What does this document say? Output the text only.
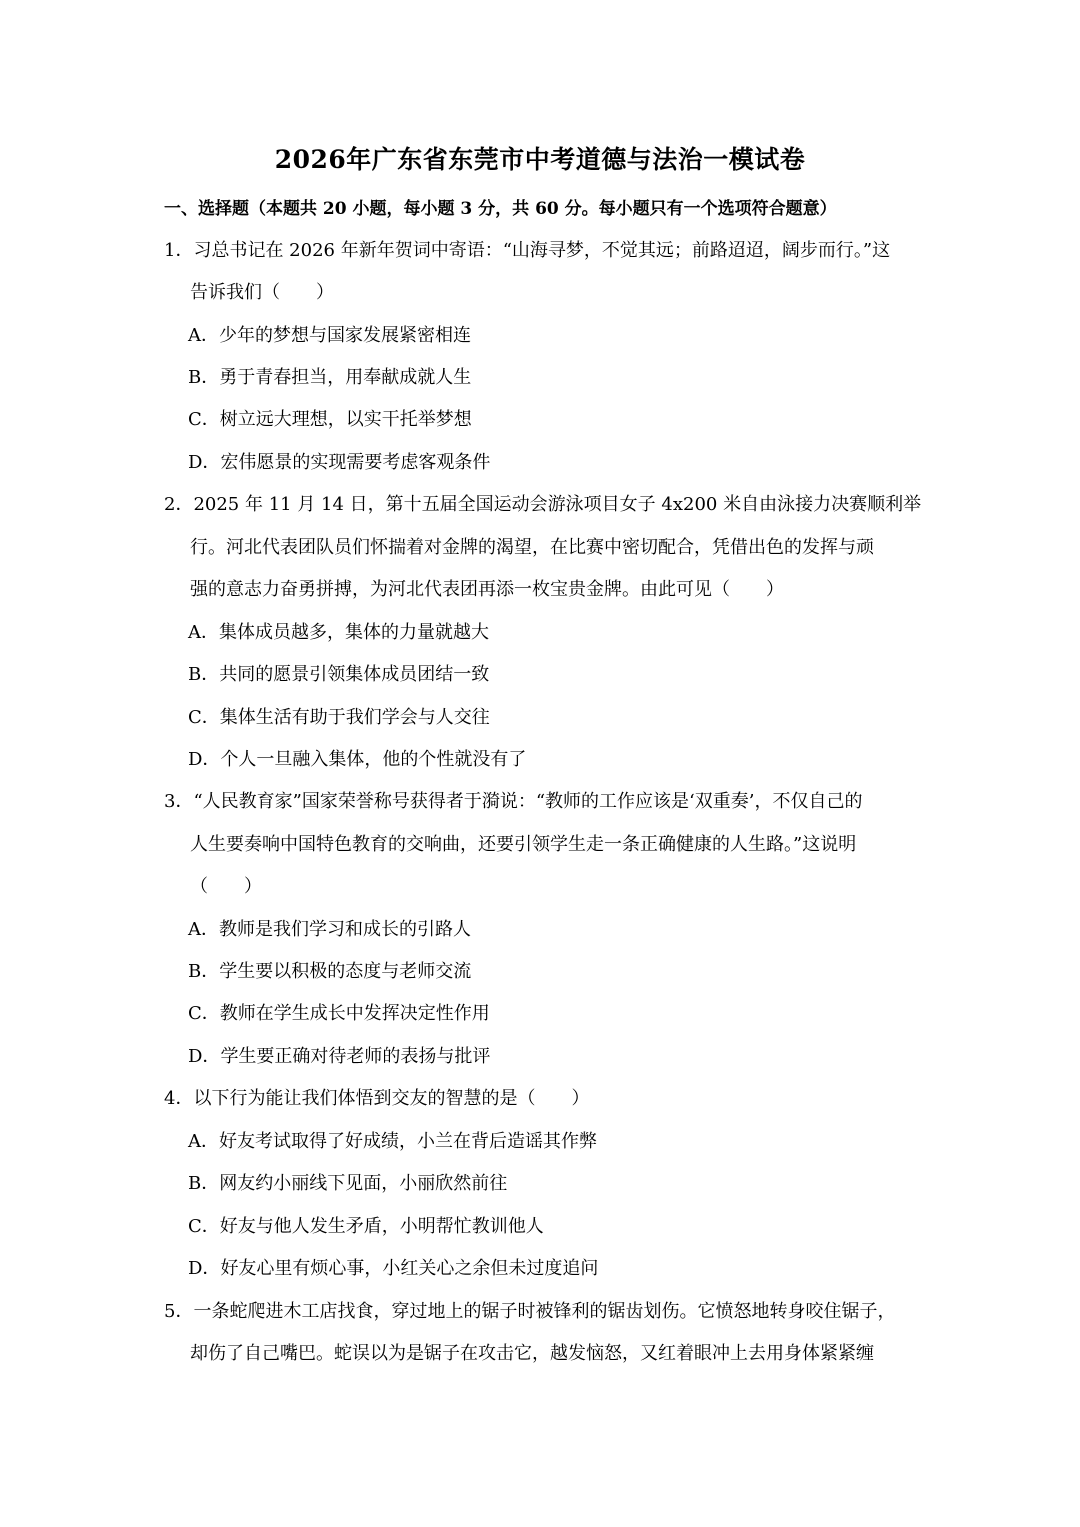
2026年广东省东莞市中考道德与法治一模试卷
一、选择题（本题共 20 小题，每小题 3 分，共 60 分。每小题只有一个选项符合题意）
1．习总书记在 2026 年新年贺词中寄语：“山海寻梦，不觉其远；前路迢迢，阔步而行。”这
告诉我们（　　）
A．少年的梦想与国家发展紧密相连
B．勇于青春担当，用奉献成就人生
C．树立远大理想，以实干托举梦想
D．宏伟愿景的实现需要考虑客观条件
2．2025 年 11 月 14 日，第十五届全国运动会游泳项目女子 4x200 米自由泳接力决赛顺利举
行。河北代表团队员们怀揣着对金牌的渴望，在比赛中密切配合，凭借出色的发挥与顽
强的意志力奋勇拼搏，为河北代表团再添一枚宝贵金牌。由此可见（　　）
A．集体成员越多，集体的力量就越大
B．共同的愿景引领集体成员团结一致
C．集体生活有助于我们学会与人交往
D．个人一旦融入集体，他的个性就没有了
3．“人民教育家”国家荣誉称号获得者于漪说：“教师的工作应该是‘双重奏’，不仅自己的
人生要奏响中国特色教育的交响曲，还要引领学生走一条正确健康的人生路。”这说明
（　　）
A．教师是我们学习和成长的引路人
B．学生要以积极的态度与老师交流
C．教师在学生成长中发挥决定性作用
D．学生要正确对待老师的表扬与批评
4．以下行为能让我们体悟到交友的智慧的是（　　）
A．好友考试取得了好成绩，小兰在背后造谣其作弊
B．网友约小丽线下见面，小丽欣然前往
C．好友与他人发生矛盾，小明帮忙教训他人
D．好友心里有烦心事，小红关心之余但未过度追问
5．一条蛇爬进木工店找食，穿过地上的锯子时被锋利的锯齿划伤。它愤怒地转身咬住锯子，
却伤了自己嘴巴。蛇误以为是锯子在攻击它，越发恼怒，又红着眼冲上去用身体紧紧缠
